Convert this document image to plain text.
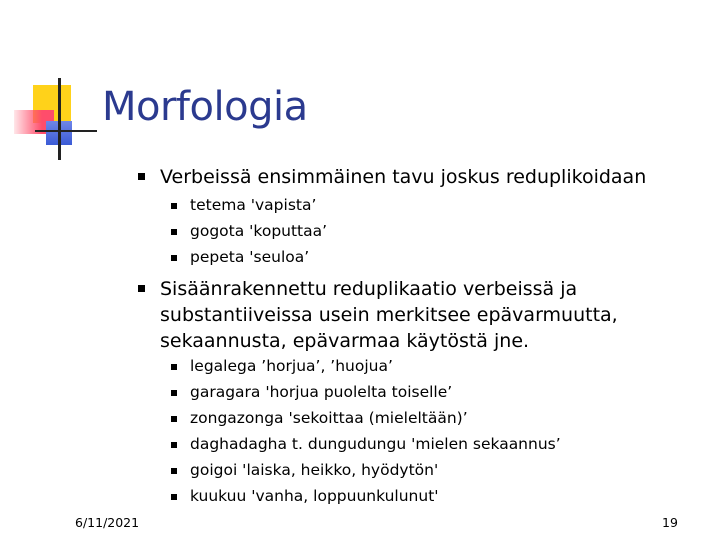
Morfologia
Verbeissä ensimmäinen tavu joskus reduplikoidaan
tetema 'vapista’
gogota 'koputtaa’
pepeta 'seuloa’
Sisäänrakennettu reduplikaatio verbeissä ja
substantiiveissa usein merkitsee epävarmuutta,
sekaannusta, epävarmaa käytöstä jne.
legalega ’horjua’, ’huojua’
garagara 'horjua puolelta toiselle’
zongazonga 'sekoittaa (mieleltään)’
daghadagha t. dungudungu 'mielen sekaannus’
goigoi 'laiska, heikko, hyödytön'
kuukuu 'vanha, loppuunkulunut'
6/11/2021	19
